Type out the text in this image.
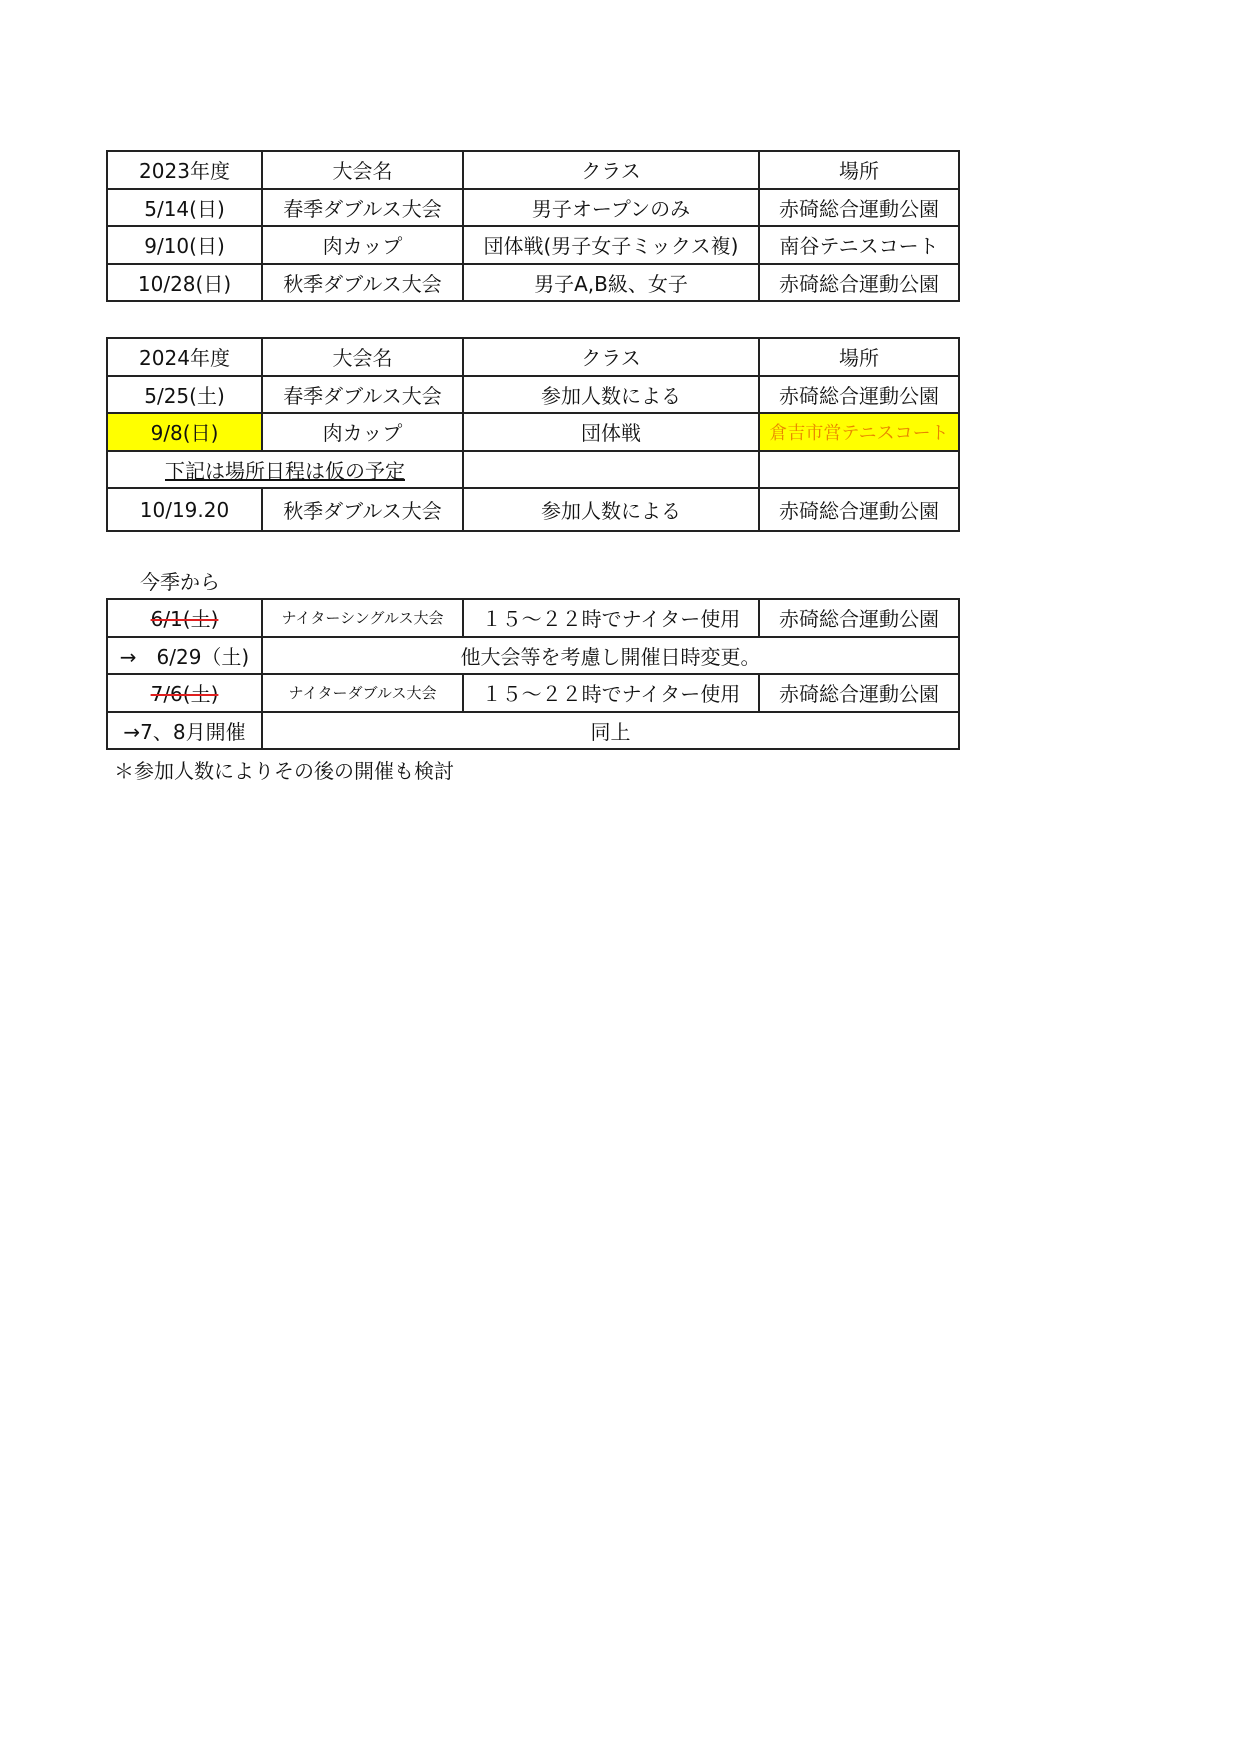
2023年度	大会名	クラス	場所
5/14(日)	春季ダブルス大会	男子オープンのみ	赤碕総合運動公園
9/10(日)	肉カップ	団体戦(男子女子ミックス複)	南谷テニスコート
10/28(日)	秋季ダブルス大会	男子A,B級、女子	赤碕総合運動公園
2024年度	大会名	クラス	場所
5/25(土)	春季ダブルス大会	参加人数による	赤碕総合運動公園
9/8(日)	肉カップ	団体戦	倉吉市営テニスコート
下記は場所日程は仮の予定			
10/19.20	秋季ダブルス大会	参加人数による	赤碕総合運動公園
今季から
6/1(土)	ナイターシングルス大会	１５～２２時でナイター使用	赤碕総合運動公園
→　6/29（土)	他大会等を考慮し開催日時変更。		
7/6(土)	ナイターダブルス大会	１５～２２時でナイター使用	赤碕総合運動公園
→7、8月開催	同上		
＊参加人数によりその後の開催も検討
